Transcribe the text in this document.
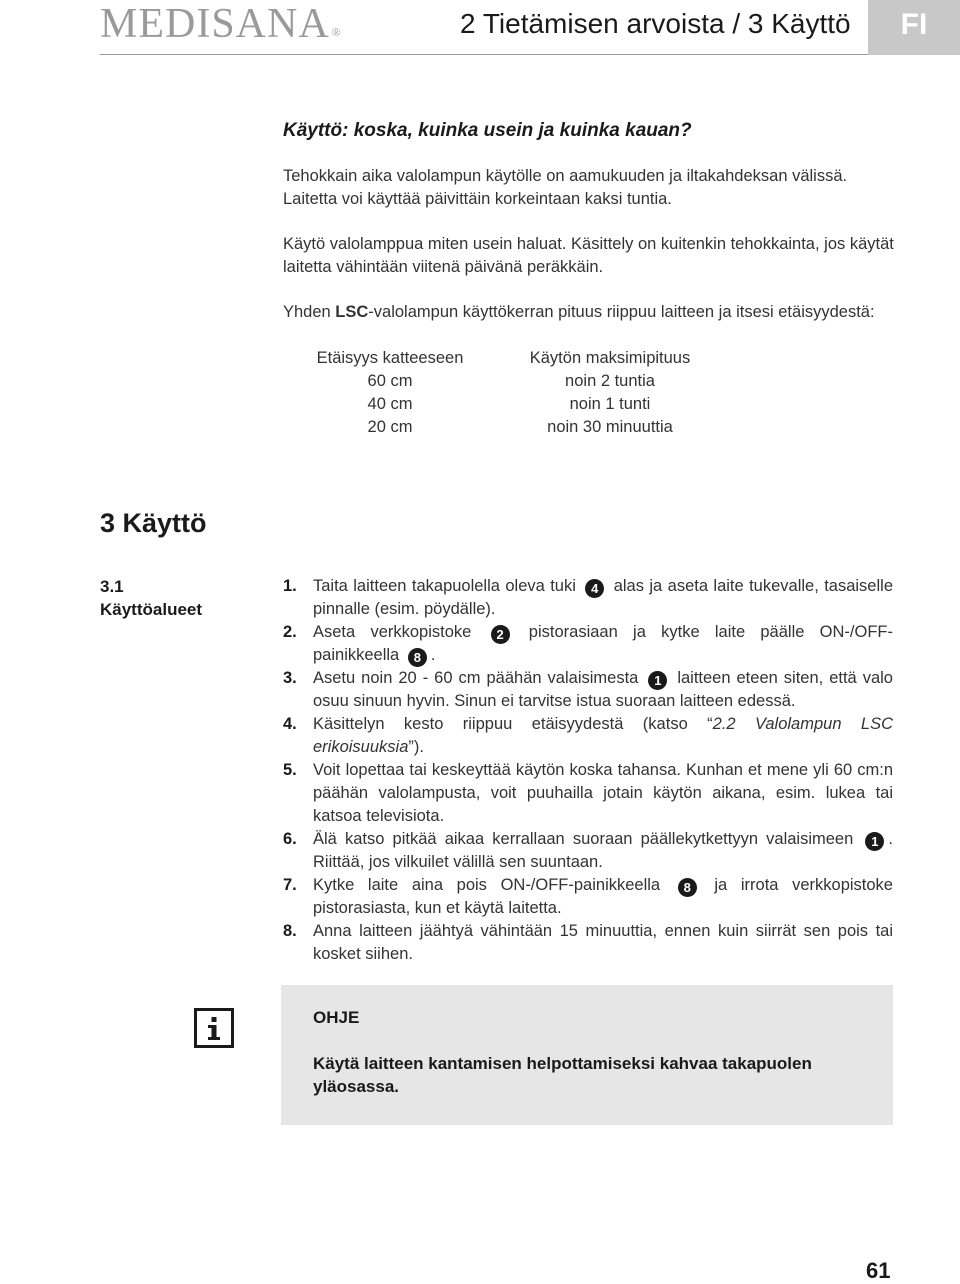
MEDISANA ®	2 Tietämisen arvoista / 3 Käyttö	FI
Käyttö: koska, kuinka usein ja kuinka kauan?
Tehokkain aika valolampun käytölle on aamukuuden ja iltakahdeksan välissä. Laitetta voi käyttää päivittäin korkeintaan kaksi tuntia.
Käytö valolamppua miten usein haluat. Käsittely on kuitenkin tehokkainta, jos käytät laitetta vähintään viitenä päivänä peräkkäin.
Yhden LSC-valolampun käyttökerran pituus riippuu laitteen ja itsesi etäisyydestä:
Etäisyys katteeseen	Käytön maksimipituus
60 cm	noin 2 tuntia
40 cm	noin 1 tunti
20 cm	noin 30 minuuttia
3 Käyttö
3.1
Käyttöalueet
1. Taita laitteen takapuolella oleva tuki 4 alas ja aseta laite tukevalle, tasaiselle pinnalle (esim. pöydälle).
2. Aseta verkkopistoke 2 pistorasiaan ja kytke laite päälle ON-/OFF-painikkeella 8 .
3. Asetu noin 20 - 60 cm päähän valaisimesta 1 laitteen eteen siten, että valo osuu sinuun hyvin. Sinun ei tarvitse istua suoraan laitteen edessä.
4. Käsittelyn kesto riippuu etäisyydestä (katso “2.2 Valolampun LSC erikoisuuksia”).
5. Voit lopettaa tai keskeyttää käytön koska tahansa. Kunhan et mene yli 60 cm:n päähän valolampusta, voit puuhailla jotain käytön aikana, esim. lukea tai katsoa televisiota.
6. Älä katso pitkää aikaa kerrallaan suoraan päällekytkettyyn valaisimeen 1 . Riittää, jos vilkuilet välillä sen suuntaan.
7. Kytke laite aina pois ON-/OFF-painikkeella 8 ja irrota verkkopistoke pistorasiasta, kun et käytä laitetta.
8. Anna laitteen jäähtyä vähintään 15 minuuttia, ennen kuin siirrät sen pois tai kosket siihen.
OHJE
Käytä laitteen kantamisen helpottamiseksi kahvaa takapuolen yläosassa.
61
